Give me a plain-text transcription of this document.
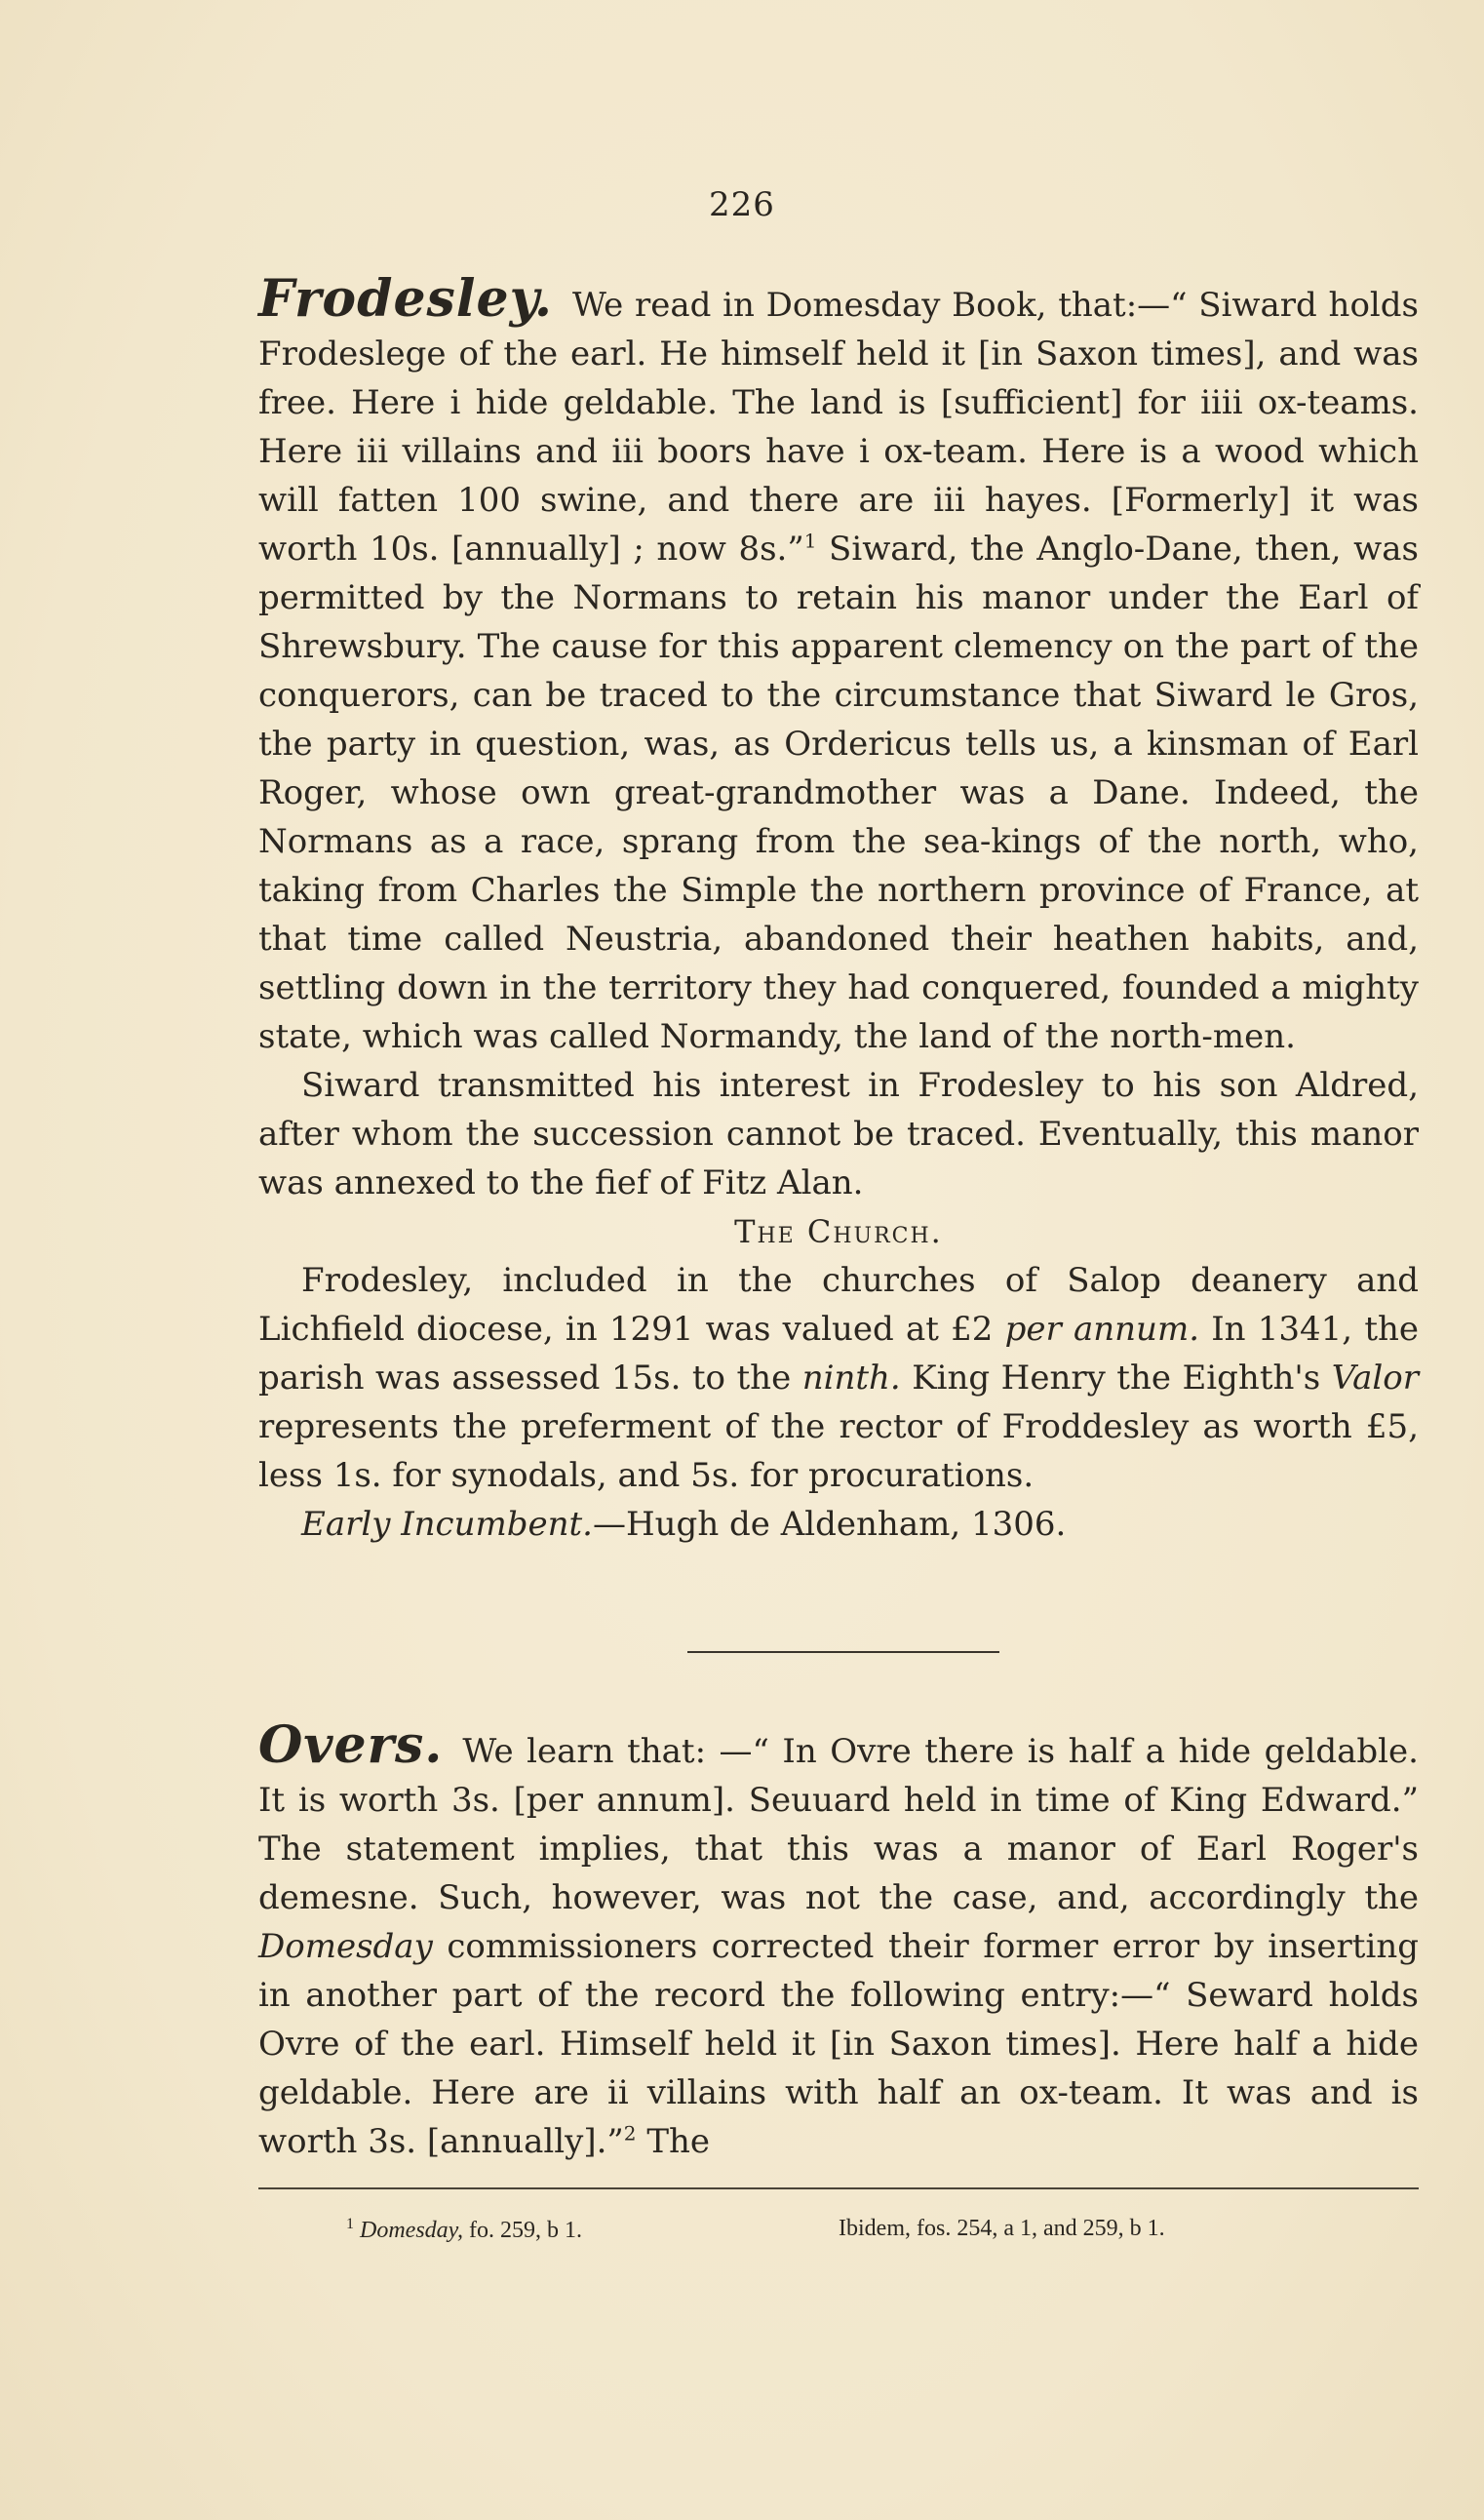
226

Frodesley. We read in Domesday Book, that:—“ Siward holds Frodeslege of the earl. He himself held it [in Saxon times], and was free. Here i hide geldable. The land is [sufficient] for iiii ox-teams. Here iii villains and iii boors have i ox-team. Here is a wood which will fatten 100 swine, and there are iii hayes. [Formerly] it was worth 10s. [annually] ; now 8s.”$^1$ Siward, the Anglo-Dane, then, was permitted by the Normans to retain his manor under the Earl of Shrewsbury. The cause for this apparent clemency on the part of the conquerors, can be traced to the circumstance that Siward le Gros, the party in question, was, as Ordericus tells us, a kinsman of Earl Roger, whose own great-grandmother was a Dane. Indeed, the Normans as a race, sprang from the sea-kings of the north, who, taking from Charles the Simple the northern province of France, at that time called Neustria, abandoned their heathen habits, and, settling down in the territory they had conquered, founded a mighty state, which was called Normandy, the land of the north-men.

Siward transmitted his interest in Frodesley to his son Aldred, after whom the succession cannot be traced. Eventually, this manor was annexed to the fief of Fitz Alan.

The Church.

Frodesley, included in the churches of Salop deanery and Lichfield diocese, in 1291 was valued at £2 per annum. In 1341, the parish was assessed 15s. to the ninth. King Henry the Eighth's Valor represents the preferment of the rector of Froddesley as worth £5, less 1s. for synodals, and 5s. for procurations.

Early Incumbent.—Hugh de Aldenham, 1306.

Overs. We learn that: —“ In Ovre there is half a hide geldable. It is worth 3s. [per annum]. Seuuard held in time of King Edward.” The statement implies, that this was a manor of Earl Roger's demesne. Such, however, was not the case, and, accordingly the Domesday commissioners corrected their former error by inserting in another part of the record the following entry:—“ Seward holds Ovre of the earl. Himself held it [in Saxon times]. Here half a hide geldable. Here are ii villains with half an ox-team. It was and is worth 3s. [annually].”$^2$ The

$^1$ Domesday, fo. 259, b 1.	Ibidem, fos. 254, a 1, and 259, b 1.
